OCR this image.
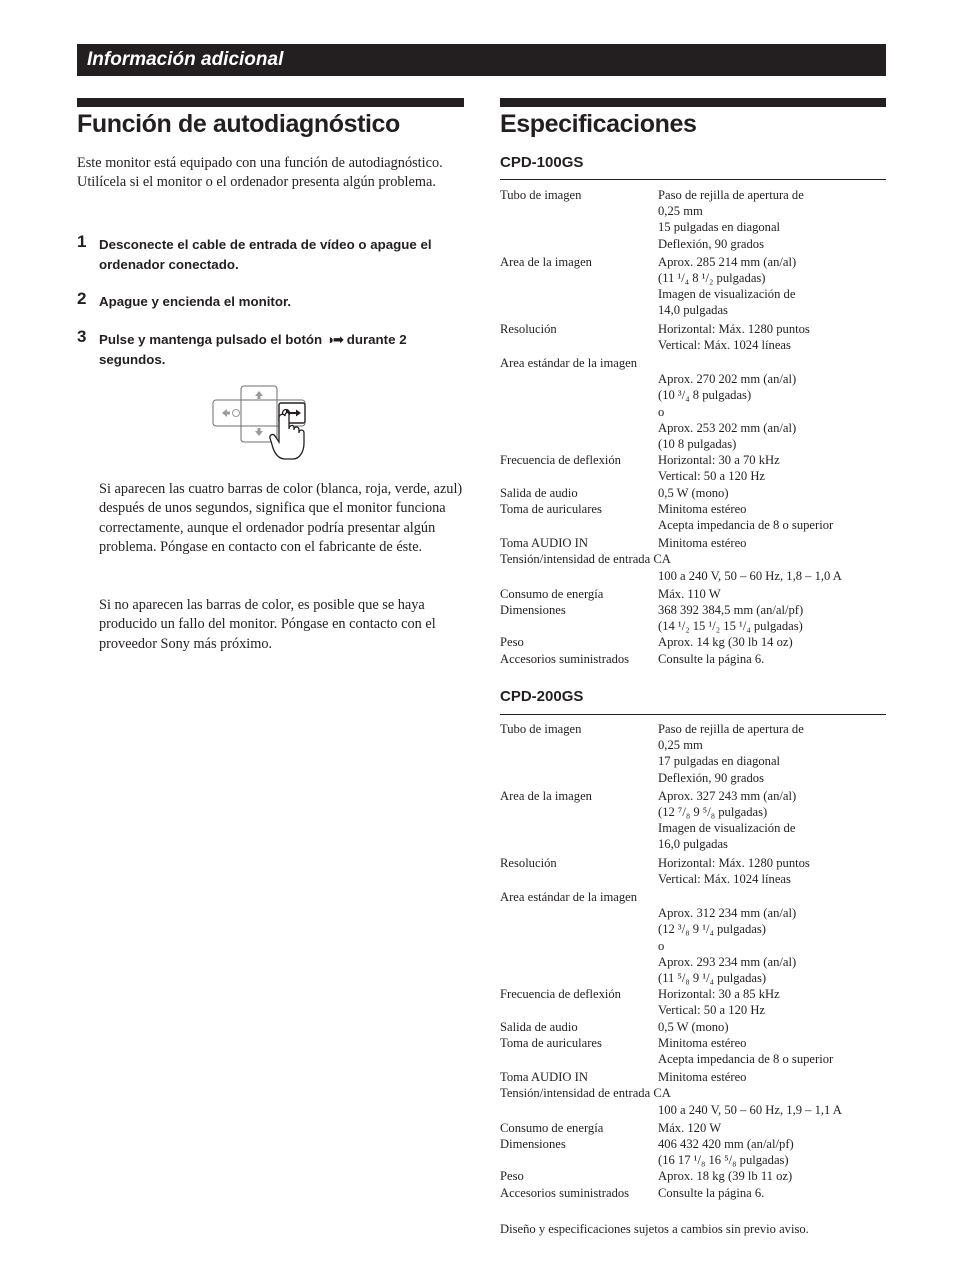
Información adicional
Función de autodiagnóstico

Este monitor está equipado con una función de autodiagnóstico. Utilícela si el monitor o el ordenador presenta algún problema.

1 Desconecte el cable de entrada de vídeo o apague el ordenador conectado.
2 Apague y encienda el monitor.
3 Pulse y mantenga pulsado el botón ◑➡ durante 2 segundos.

Si aparecen las cuatro barras de color (blanca, roja, verde, azul) después de unos segundos, significa que el monitor funciona correctamente, aunque el ordenador podría presentar algún problema. Póngase en contacto con el fabricante de éste.

Si no aparecen las barras de color, es posible que se haya producido un fallo del monitor. Póngase en contacto con el proveedor Sony más próximo.

Especificaciones
CPD-100GS
Tubo de imagen	Paso de rejilla de apertura de
0,25 mm
15 pulgadas en diagonal
Deflexión, 90 grados
Area de la imagen	Aprox. 285 214 mm (an/al)
(11 ¹/₄ 8 ¹/₂ pulgadas)
Imagen de visualización de
14,0 pulgadas
Resolución	Horizontal: Máx. 1280 puntos
Vertical: Máx. 1024 líneas
Area estándar de la imagen
Aprox. 270 202 mm (an/al)
(10 ³/₄ 8 pulgadas)
o
Aprox. 253 202 mm (an/al)
(10 8 pulgadas)
Frecuencia de deflexión	Horizontal: 30 a 70 kHz
Vertical: 50 a 120 Hz
Salida de audio	0,5 W (mono)
Toma de auriculares	Minitoma estéreo
Acepta impedancia de 8 o superior
Toma AUDIO IN	Minitoma estéreo
Tensión/intensidad de entrada CA
100 a 240 V, 50 – 60 Hz, 1,8 – 1,0 A
Consumo de energía	Máx. 110 W
Dimensiones	368 392 384,5 mm (an/al/pf)
(14 ¹/₂ 15 ¹/₂ 15 ¹/₄ pulgadas)
Peso	Aprox. 14 kg (30 lb 14 oz)
Accesorios suministrados Consulte la página 6.
CPD-200GS
Tubo de imagen	Paso de rejilla de apertura de
0,25 mm
17 pulgadas en diagonal
Deflexión, 90 grados
Area de la imagen	Aprox. 327 243 mm (an/al)
(12 ⁷/₈ 9 ⁵/₈ pulgadas)
Imagen de visualización de
16,0 pulgadas
Resolución	Horizontal: Máx. 1280 puntos
Vertical: Máx. 1024 líneas
Area estándar de la imagen
Aprox. 312 234 mm (an/al)
(12 ³/₈ 9 ¹/₄ pulgadas)
o
Aprox. 293 234 mm (an/al)
(11 ⁵/₈ 9 ¹/₄ pulgadas)
Frecuencia de deflexión	Horizontal: 30 a 85 kHz
Vertical: 50 a 120 Hz
Salida de audio	0,5 W (mono)
Toma de auriculares	Minitoma estéreo
Acepta impedancia de 8 o superior
Toma AUDIO IN	Minitoma estéreo
Tensión/intensidad de entrada CA
100 a 240 V, 50 – 60 Hz, 1,9 – 1,1 A
Consumo de energía	Máx. 120 W
Dimensiones	406 432 420 mm (an/al/pf)
(16 17 ¹/₈ 16 ⁵/₈ pulgadas)
Peso	Aprox. 18 kg (39 lb 11 oz)
Accesorios suministrados Consulte la página 6.
Diseño y especificaciones sujetos a cambios sin previo aviso.
